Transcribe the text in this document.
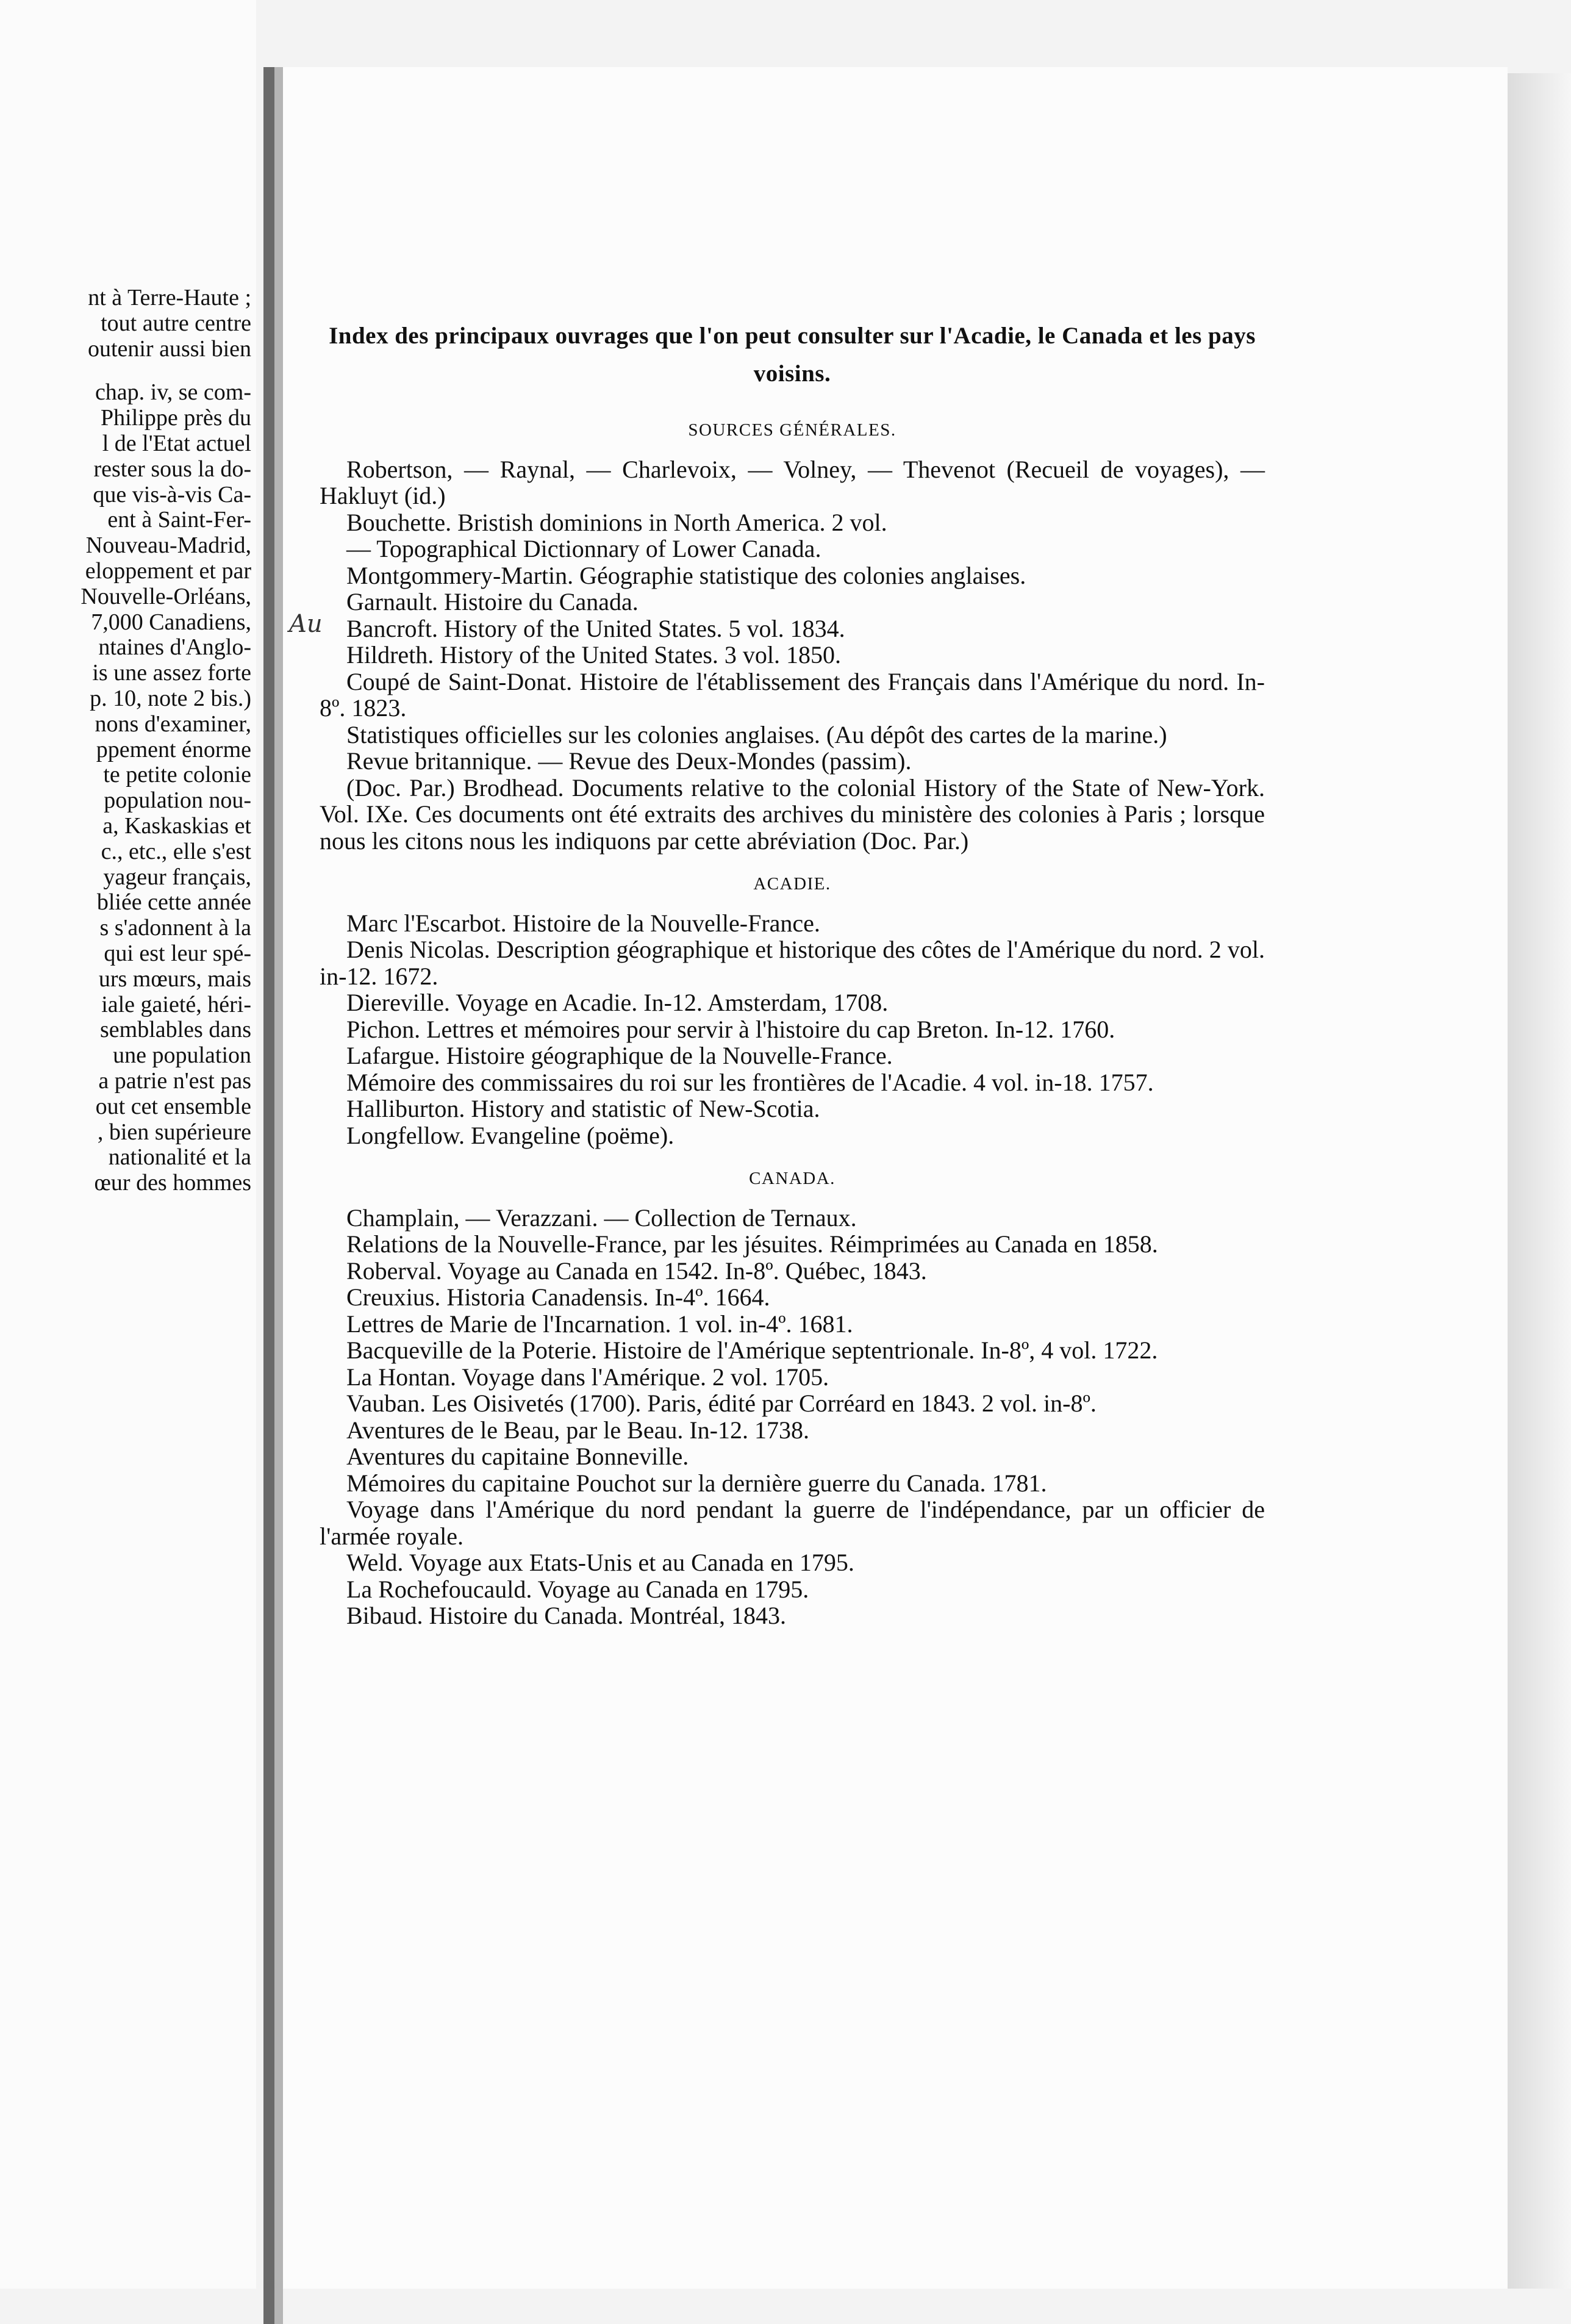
nt à Terre-Haute ;
tout autre centre
outenir aussi bien
chap. iv, se com-
Philippe près du
l de l'Etat actuel
rester sous la do-
que vis-à-vis Ca-
ent à Saint-Fer-
Nouveau-Madrid,
eloppement et par
Nouvelle-Orléans,
7,000 Canadiens,
ntaines d'Anglo-
is une assez forte
p. 10, note 2 bis.)
nons d'examiner,
ppement énorme
te petite colonie
population nou-
a, Kaskaskias et
c., etc., elle s'est
yageur français,
bliée cette année
s s'adonnent à la
qui est leur spé-
urs mœurs, mais
iale gaieté, héri-
semblables dans
une population
a patrie n'est pas
out cet ensemble
, bien supérieure
nationalité et la
œur des hommes
Au
Index des principaux ouvrages que l'on peut consulter sur l'Acadie, le Canada et les pays voisins.
SOURCES GÉNÉRALES.
Robertson, — Raynal, — Charlevoix, — Volney, — Thevenot (Recueil de voyages), — Hakluyt (id.)
Bouchette. Bristish dominions in North America. 2 vol.
— Topographical Dictionnary of Lower Canada.
Montgommery-Martin. Géographie statistique des colonies anglaises.
Garnault. Histoire du Canada.
Bancroft. History of the United States. 5 vol. 1834.
Hildreth. History of the United States. 3 vol. 1850.
Coupé de Saint-Donat. Histoire de l'établissement des Français dans l'Amérique du nord. In-8º. 1823.
Statistiques officielles sur les colonies anglaises. (Au dépôt des cartes de la marine.)
Revue britannique. — Revue des Deux-Mondes (passim).
(Doc. Par.) Brodhead. Documents relative to the colonial History of the State of New-York. Vol. IXe. Ces documents ont été extraits des archives du ministère des colonies à Paris ; lorsque nous les citons nous les indiquons par cette abréviation (Doc. Par.)
ACADIE.
Marc l'Escarbot. Histoire de la Nouvelle-France.
Denis Nicolas. Description géographique et historique des côtes de l'Amérique du nord. 2 vol. in-12. 1672.
Diereville. Voyage en Acadie. In-12. Amsterdam, 1708.
Pichon. Lettres et mémoires pour servir à l'histoire du cap Breton. In-12. 1760.
Lafargue. Histoire géographique de la Nouvelle-France.
Mémoire des commissaires du roi sur les frontières de l'Acadie. 4 vol. in-18. 1757.
Halliburton. History and statistic of New-Scotia.
Longfellow. Evangeline (poëme).
CANADA.
Champlain, — Verazzani. — Collection de Ternaux.
Relations de la Nouvelle-France, par les jésuites. Réimprimées au Canada en 1858.
Roberval. Voyage au Canada en 1542. In-8º. Québec, 1843.
Creuxius. Historia Canadensis. In-4º. 1664.
Lettres de Marie de l'Incarnation. 1 vol. in-4º. 1681.
Bacqueville de la Poterie. Histoire de l'Amérique septentrionale. In-8º, 4 vol. 1722.
La Hontan. Voyage dans l'Amérique. 2 vol. 1705.
Vauban. Les Oisivetés (1700). Paris, édité par Corréard en 1843. 2 vol. in-8º.
Aventures de le Beau, par le Beau. In-12. 1738.
Aventures du capitaine Bonneville.
Mémoires du capitaine Pouchot sur la dernière guerre du Canada. 1781.
Voyage dans l'Amérique du nord pendant la guerre de l'indépendance, par un officier de l'armée royale.
Weld. Voyage aux Etats-Unis et au Canada en 1795.
La Rochefoucauld. Voyage au Canada en 1795.
Bibaud. Histoire du Canada. Montréal, 1843.
